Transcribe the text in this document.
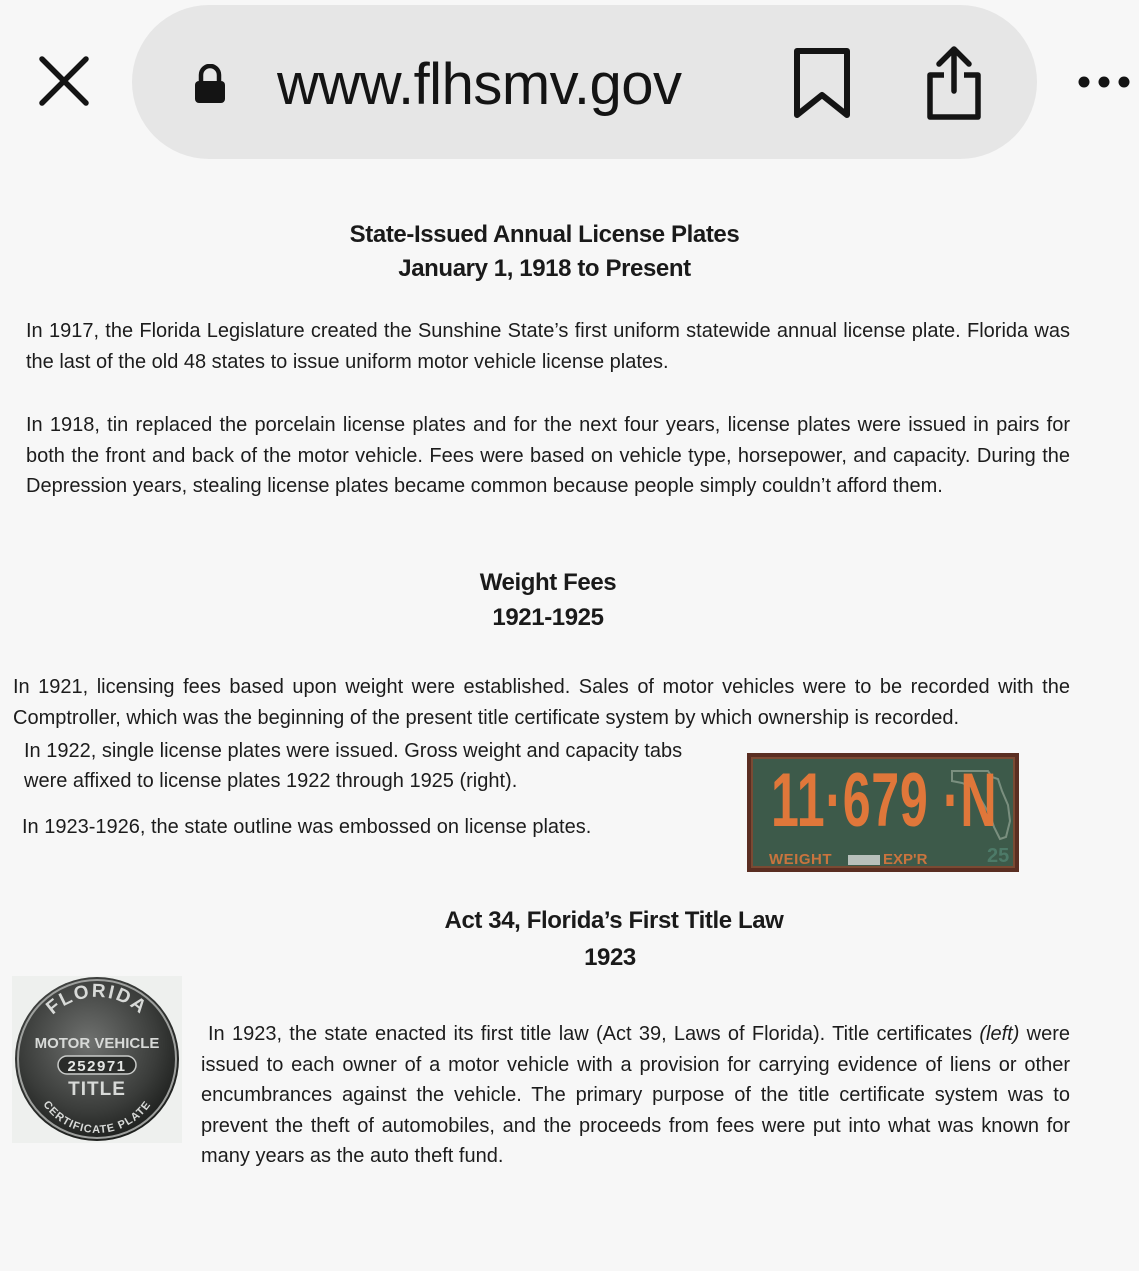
www.flhsmv.gov
State-Issued Annual License Plates
January 1, 1918 to Present
In 1917, the Florida Legislature created the Sunshine State’s first uniform statewide annual license plate. Florida was the last of the old 48 states to issue uniform motor vehicle license plates.
In 1918, tin replaced the porcelain license plates and for the next four years, license plates were issued in pairs for both the front and back of the motor vehicle. Fees were based on vehicle type, horsepower, and capacity. During the Depression years, stealing license plates became common because people simply couldn’t afford them.
Weight Fees
1921-1925
In 1921, licensing fees based upon weight were established. Sales of motor vehicles were to be recorded with the Comptroller, which was the beginning of the present title certificate system by which ownership is recorded.
In 1922, single license plates were issued. Gross weight and capacity tabs
were affixed to license plates 1922 through 1925 (right).
In 1923-1926, the state outline was embossed on license plates. 11·679 ·N
WEIGHT	EXP'R	25
Act 34, Florida’s First Title Law
1923
FLORIDA
MOTOR VEHICLE
252971
TITLE
CERTIFICATE PLATE
In 1923, the state enacted its first title law (Act 39, Laws of Florida). Title certificates (left) were issued to each owner of a motor vehicle with a provision for carrying evidence of liens or other encumbrances against the vehicle. The primary purpose of the title certificate system was to prevent the theft of automobiles, and the proceeds from fees were put into what was known for many years as the auto theft fund.
